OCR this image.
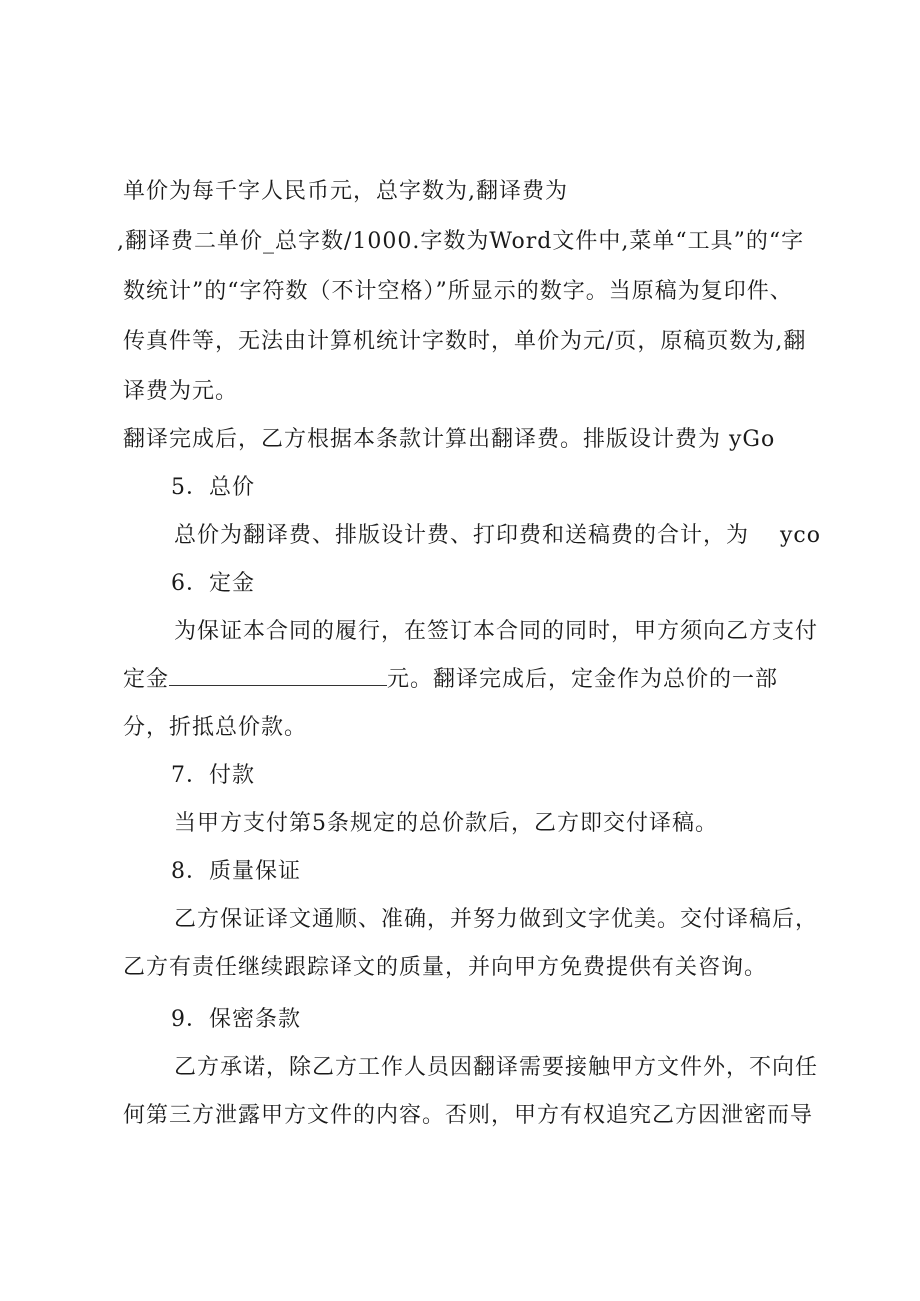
单价为每千字人民币元，总字数为,翻译费为
,翻译费二单价_总字数/1000.字数为Word文件中,菜单“工具”的“字
数统计”的“字符数（不计空格）”所显示的数字。当原稿为复印件、
传真件等，无法由计算机统计字数时，单价为元/页，原稿页数为,翻
译费为元。
翻译完成后，乙方根据本条款计算出翻译费。排版设计费为 yGo
5．总价
总价为翻译费、排版设计费、打印费和送稿费的合计，为 yco
6．定金
为保证本合同的履行，在签订本合同的同时，甲方须向乙方支付
定金	元。翻译完成后，定金作为总价的一部
分，折抵总价款。
7．付款
当甲方支付第5条规定的总价款后，乙方即交付译稿。
8．质量保证
乙方保证译文通顺、准确，并努力做到文字优美。交付译稿后，
乙方有责任继续跟踪译文的质量，并向甲方免费提供有关咨询。
9．保密条款
乙方承诺，除乙方工作人员因翻译需要接触甲方文件外，不向任
何第三方泄露甲方文件的内容。否则，甲方有权追究乙方因泄密而导
